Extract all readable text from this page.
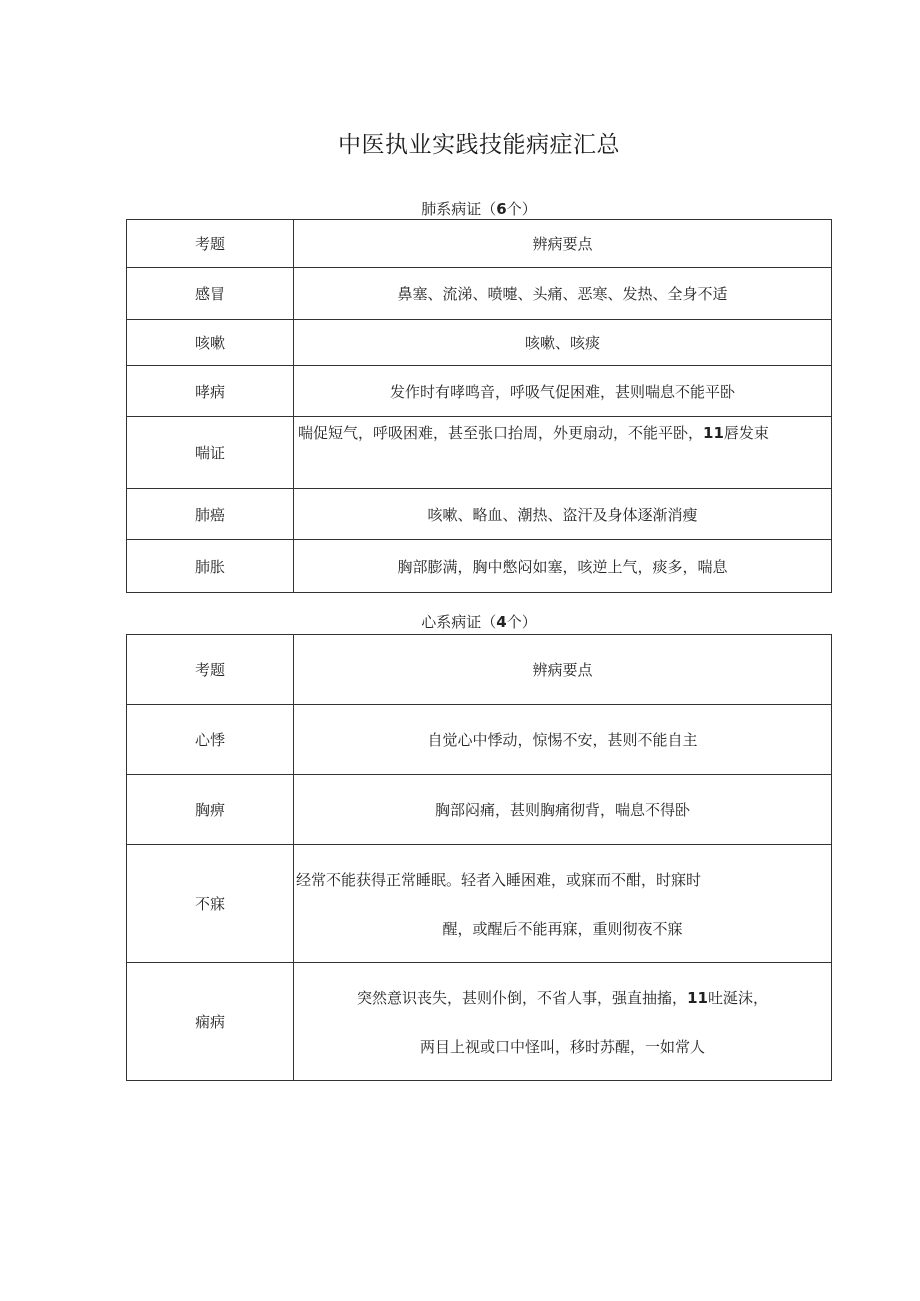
中医执业实践技能病症汇总
肺系病证（6个）
考题	辨病要点
感冒	鼻塞、流涕、喷嚏、头痛、恶寒、发热、全身不适
咳嗽	咳嗽、咳痰
哮病	发作时有哮鸣音，呼吸气促困难，甚则喘息不能平卧
喘证	喘促短气，呼吸困难，甚至张口抬周，外更扇动，不能平卧，11唇发束
肺癌	咳嗽、略血、潮热、盗汗及身体逐渐消瘦
肺胀	胸部膨满，胸中憋闷如塞，咳逆上气，痰多，喘息
心系病证（4个）
考题	辨病要点
心悸	自觉心中悸动，惊惕不安，甚则不能自主
胸痹	胸部闷痛，甚则胸痛彻背，喘息不得卧
不寐	经常不能获得正常睡眠。轻者入睡困难，或寐而不酣，时寐时
醒，或醒后不能再寐，重则彻夜不寐

痫病	突然意识丧失，甚则仆倒，不省人事，强直抽搐，11吐涎沫，
两目上视或口中怪叫，移时苏醒，一如常人
